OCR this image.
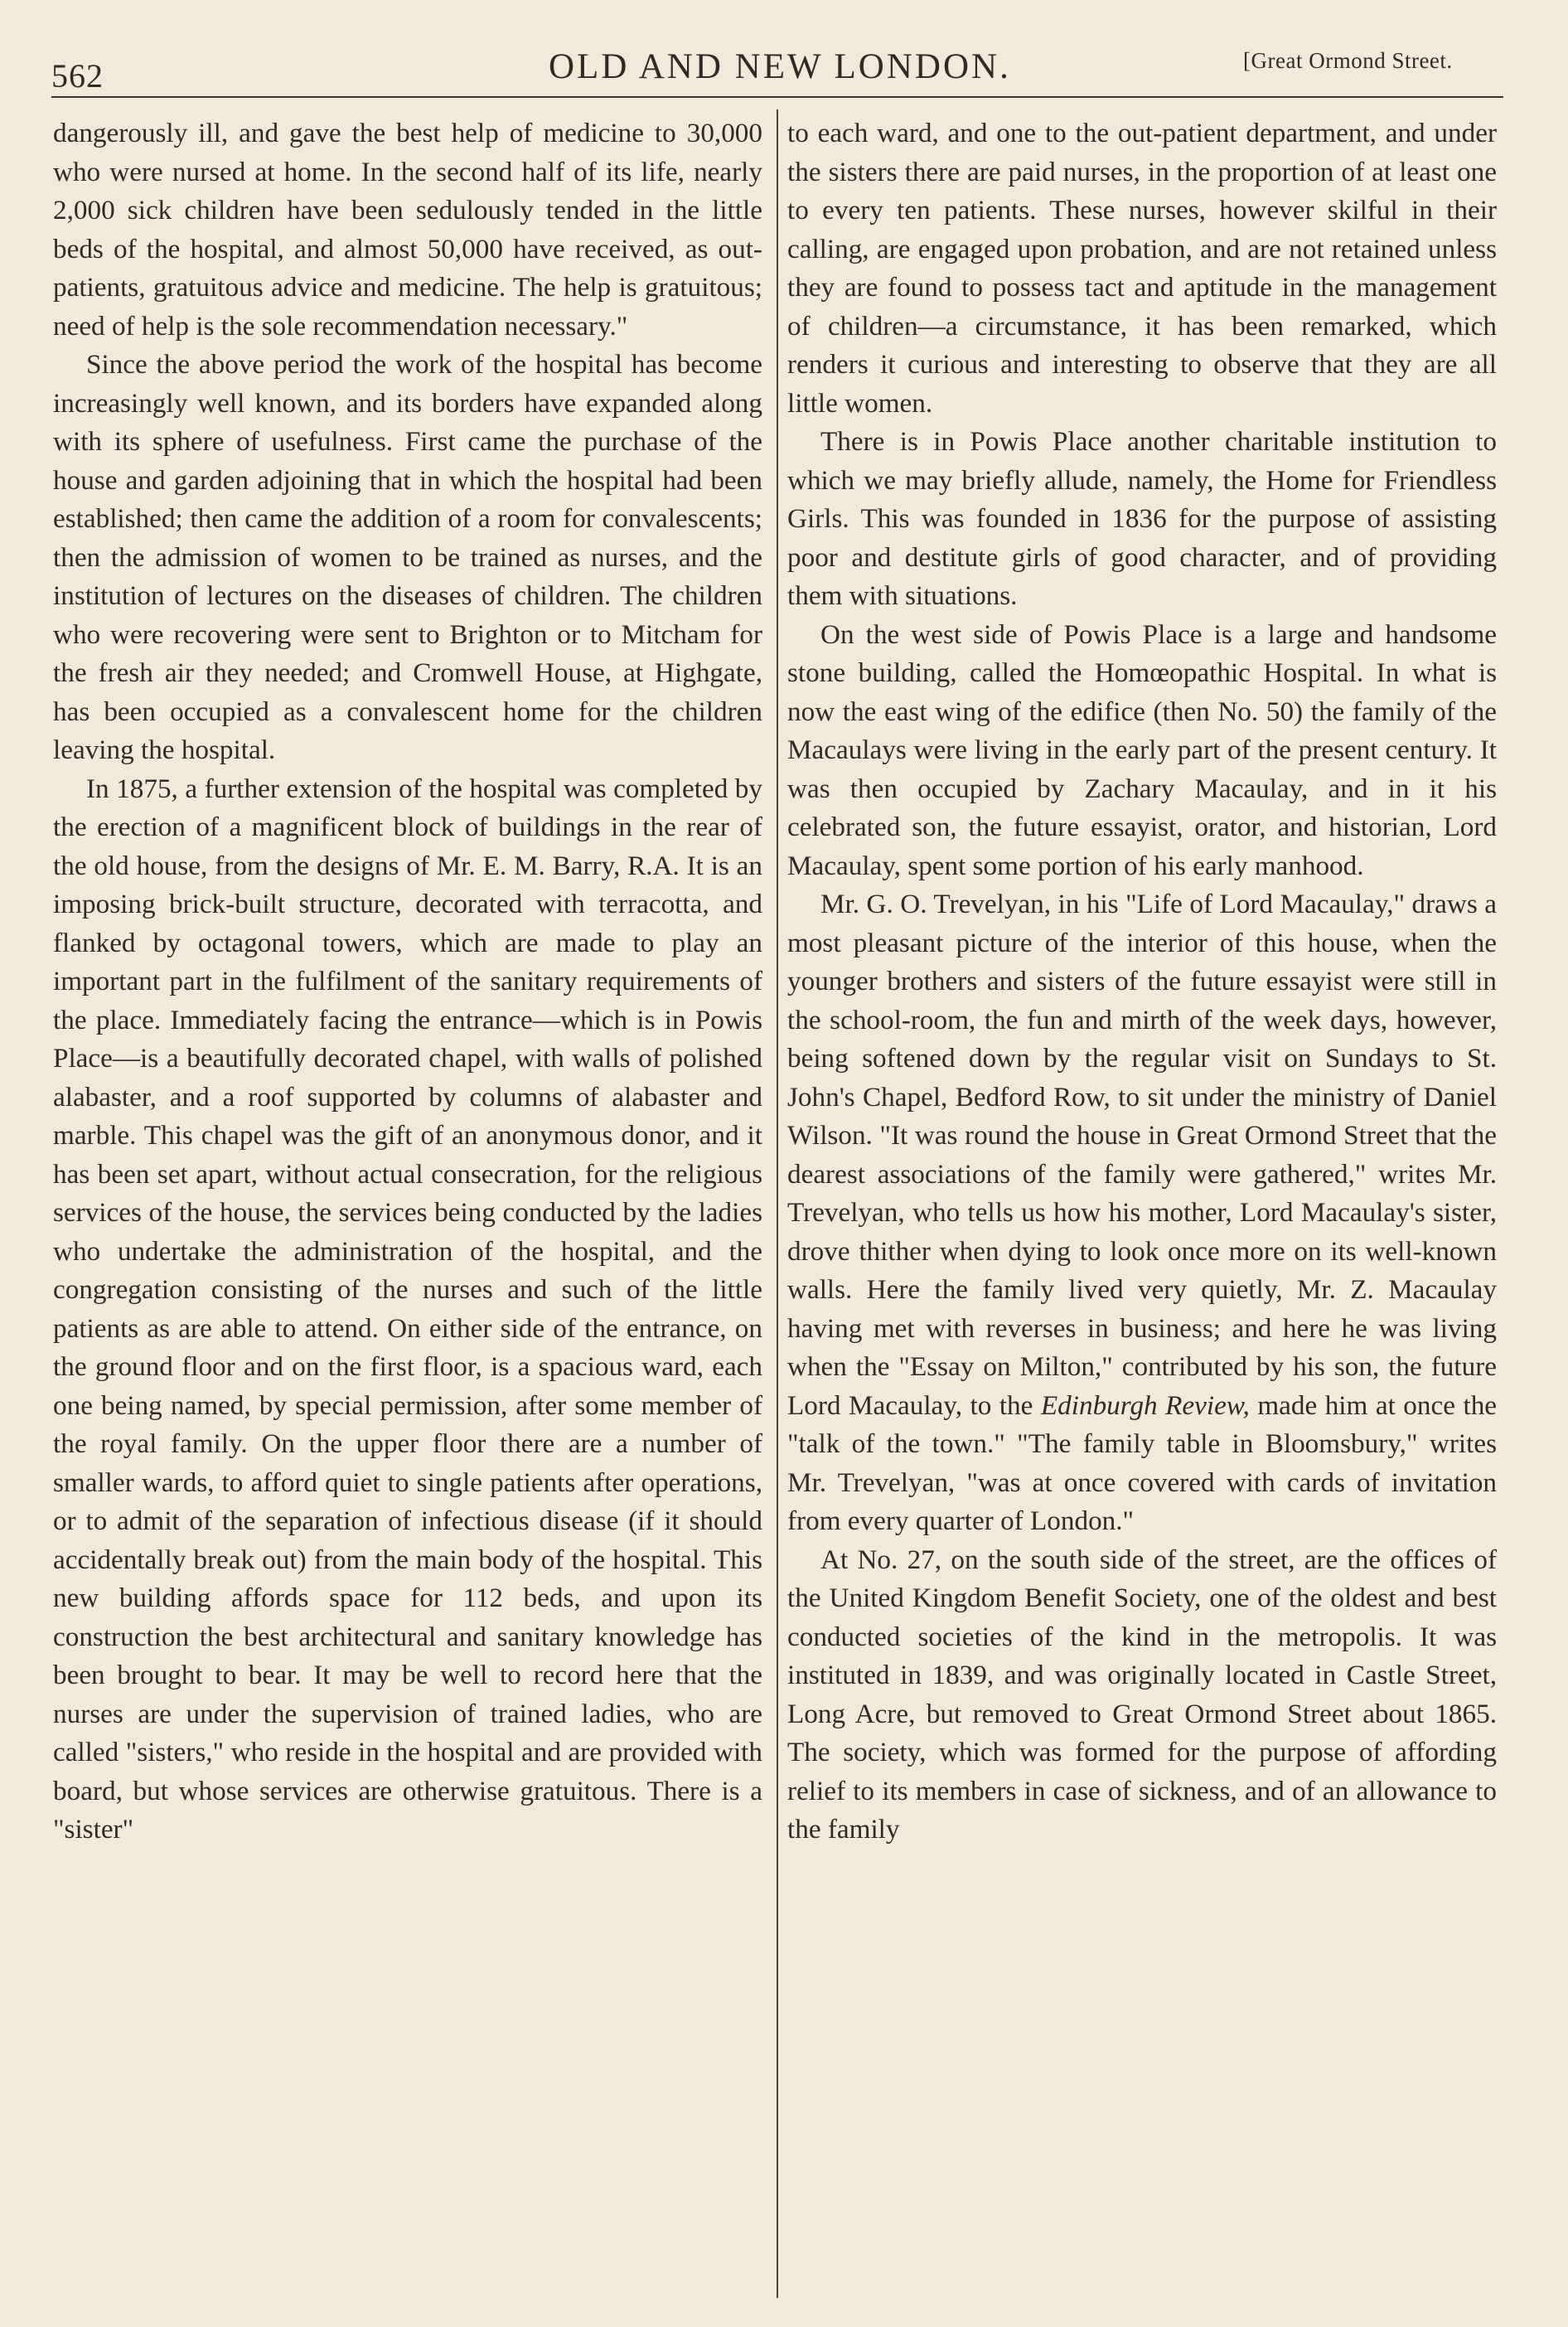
562	OLD AND NEW LONDON.	[Great Ormond Street.

dangerously ill, and gave the best help of medicine to 30,000 who were nursed at home. In the second half of its life, nearly 2,000 sick children have been sedulously tended in the little beds of the hospital, and almost 50,000 have received, as out-patients, gratuitous advice and medicine. The help is gratuitous; need of help is the sole recommendation necessary."

Since the above period the work of the hospital has become increasingly well known, and its borders have expanded along with its sphere of usefulness. First came the purchase of the house and garden adjoining that in which the hospital had been established; then came the addition of a room for convalescents; then the admission of women to be trained as nurses, and the institution of lectures on the diseases of children. The children who were recovering were sent to Brighton or to Mitcham for the fresh air they needed; and Cromwell House, at Highgate, has been occupied as a convalescent home for the children leaving the hospital.

In 1875, a further extension of the hospital was completed by the erection of a magnificent block of buildings in the rear of the old house, from the designs of Mr. E. M. Barry, R.A. It is an imposing brick-built structure, decorated with terracotta, and flanked by octagonal towers, which are made to play an important part in the fulfilment of the sanitary requirements of the place. Immediately facing the entrance—which is in Powis Place—is a beautifully decorated chapel, with walls of polished alabaster, and a roof supported by columns of alabaster and marble. This chapel was the gift of an anonymous donor, and it has been set apart, without actual consecration, for the religious services of the house, the services being conducted by the ladies who undertake the administration of the hospital, and the congregation consisting of the nurses and such of the little patients as are able to attend. On either side of the entrance, on the ground floor and on the first floor, is a spacious ward, each one being named, by special permission, after some member of the royal family. On the upper floor there are a number of smaller wards, to afford quiet to single patients after operations, or to admit of the separation of infectious disease (if it should accidentally break out) from the main body of the hospital. This new building affords space for 112 beds, and upon its construction the best architectural and sanitary knowledge has been brought to bear. It may be well to record here that the nurses are under the supervision of trained ladies, who are called "sisters," who reside in the hospital and are provided with board, but whose services are otherwise gratuitous. There is a "sister"

to each ward, and one to the out-patient department, and under the sisters there are paid nurses, in the proportion of at least one to every ten patients. These nurses, however skilful in their calling, are engaged upon probation, and are not retained unless they are found to possess tact and aptitude in the management of children—a circumstance, it has been remarked, which renders it curious and interesting to observe that they are all little women.

There is in Powis Place another charitable institution to which we may briefly allude, namely, the Home for Friendless Girls. This was founded in 1836 for the purpose of assisting poor and destitute girls of good character, and of providing them with situations.

On the west side of Powis Place is a large and handsome stone building, called the Homœopathic Hospital. In what is now the east wing of the edifice (then No. 50) the family of the Macaulays were living in the early part of the present century. It was then occupied by Zachary Macaulay, and in it his celebrated son, the future essayist, orator, and historian, Lord Macaulay, spent some portion of his early manhood.

Mr. G. O. Trevelyan, in his "Life of Lord Macaulay," draws a most pleasant picture of the interior of this house, when the younger brothers and sisters of the future essayist were still in the school-room, the fun and mirth of the week days, however, being softened down by the regular visit on Sundays to St. John's Chapel, Bedford Row, to sit under the ministry of Daniel Wilson. "It was round the house in Great Ormond Street that the dearest associations of the family were gathered," writes Mr. Trevelyan, who tells us how his mother, Lord Macaulay's sister, drove thither when dying to look once more on its well-known walls. Here the family lived very quietly, Mr. Z. Macaulay having met with reverses in business; and here he was living when the "Essay on Milton," contributed by his son, the future Lord Macaulay, to the Edinburgh Review, made him at once the "talk of the town." "The family table in Bloomsbury," writes Mr. Trevelyan, "was at once covered with cards of invitation from every quarter of London."

At No. 27, on the south side of the street, are the offices of the United Kingdom Benefit Society, one of the oldest and best conducted societies of the kind in the metropolis. It was instituted in 1839, and was originally located in Castle Street, Long Acre, but removed to Great Ormond Street about 1865. The society, which was formed for the purpose of affording relief to its members in case of sickness, and of an allowance to the family
